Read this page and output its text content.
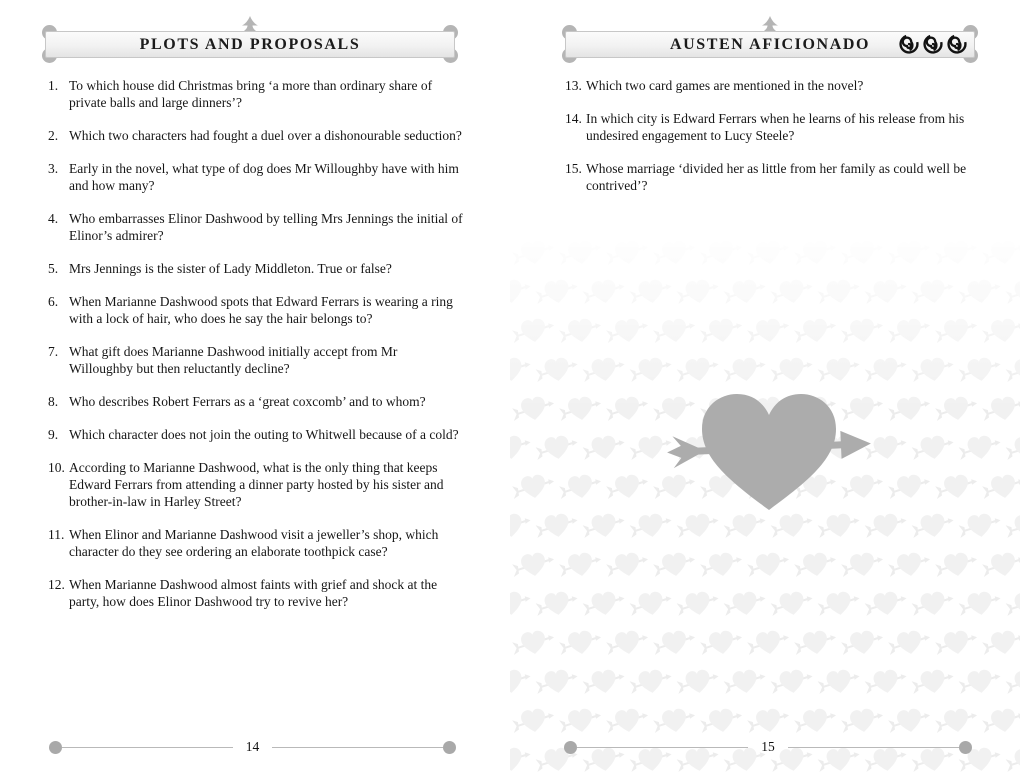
PLOTS AND PROPOSALS
1. To which house did Christmas bring ‘a more than ordinary share of private balls and large dinners’?
2. Which two characters had fought a duel over a dishonourable seduction?
3. Early in the novel, what type of dog does Mr Willoughby have with him and how many?
4. Who embarrasses Elinor Dashwood by telling Mrs Jennings the initial of Elinor’s admirer?
5. Mrs Jennings is the sister of Lady Middleton. True or false?
6. When Marianne Dashwood spots that Edward Ferrars is wearing a ring with a lock of hair, who does he say the hair belongs to?
7. What gift does Marianne Dashwood initially accept from Mr Willoughby but then reluctantly decline?
8. Who describes Robert Ferrars as a ‘great coxcomb’ and to whom?
9. Which character does not join the outing to Whitwell because of a cold?
10. According to Marianne Dashwood, what is the only thing that keeps Edward Ferrars from attending a dinner party hosted by his sister and brother-in-law in Harley Street?
11. When Elinor and Marianne Dashwood visit a jeweller’s shop, which character do they see ordering an elaborate toothpick case?
12. When Marianne Dashwood almost faints with grief and shock at the party, how does Elinor Dashwood try to revive her?
14
AUSTEN AFICIONADO
13. Which two card games are mentioned in the novel?
14. In which city is Edward Ferrars when he learns of his release from his undesired engagement to Lucy Steele?
15. Whose marriage ‘divided her as little from her family as could well be contrived’?
15
